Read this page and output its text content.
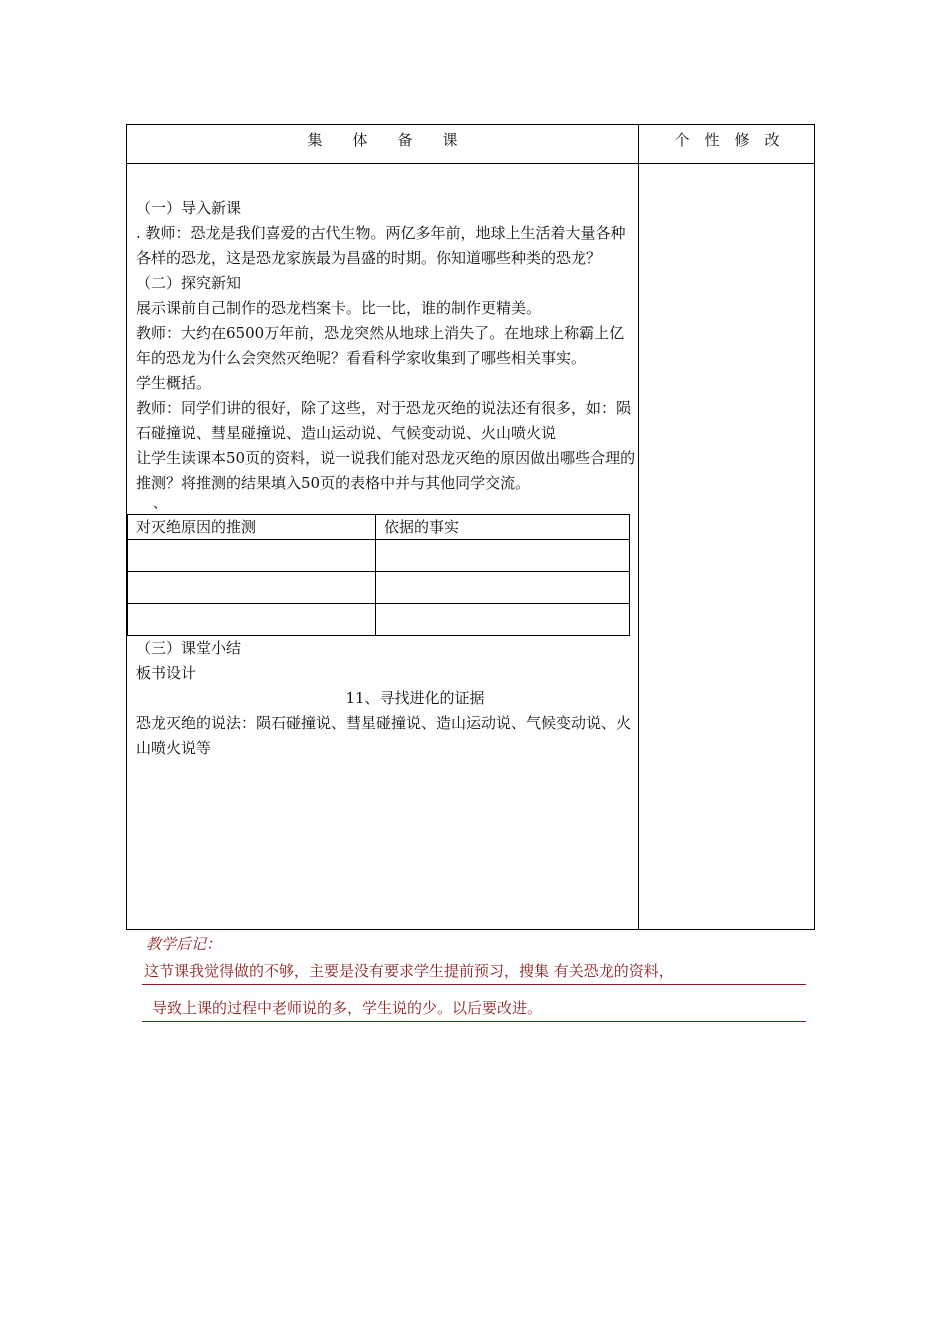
集　　体　　备　　课	个　性　修　改

（一）导入新课

. 教师：恐龙是我们喜爱的古代生物。两亿多年前，地球上生活着大量各种各样的恐龙，这是恐龙家族最为昌盛的时期。你知道哪些种类的恐龙？

（二）探究新知

展示课前自己制作的恐龙档案卡。比一比，谁的制作更精美。

教师：大约在6500万年前，恐龙突然从地球上消失了。在地球上称霸上亿年的恐龙为什么会突然灭绝呢？看看科学家收集到了哪些相关事实。

学生概括。

教师：同学们讲的很好，除了这些，对于恐龙灭绝的说法还有很多，如：陨石碰撞说、彗星碰撞说、造山运动说、气候变动说、火山喷火说

让学生读课本50页的资料，说一说我们能对恐龙灭绝的原因做出哪些合理的推测？将推测的结果填入50页的表格中并与其他同学交流。

、

对灭绝原因的推测	依据的事实

（三）课堂小结

板书设计

11、寻找进化的证据

恐龙灭绝的说法：陨石碰撞说、彗星碰撞说、造山运动说、气候变动说、火山喷火说等

教学后记：
这节课我觉得做的不够，主要是没有要求学生提前预习，搜集 有关恐龙的资料，
导致上课的过程中老师说的多，学生说的少。以后要改进。
